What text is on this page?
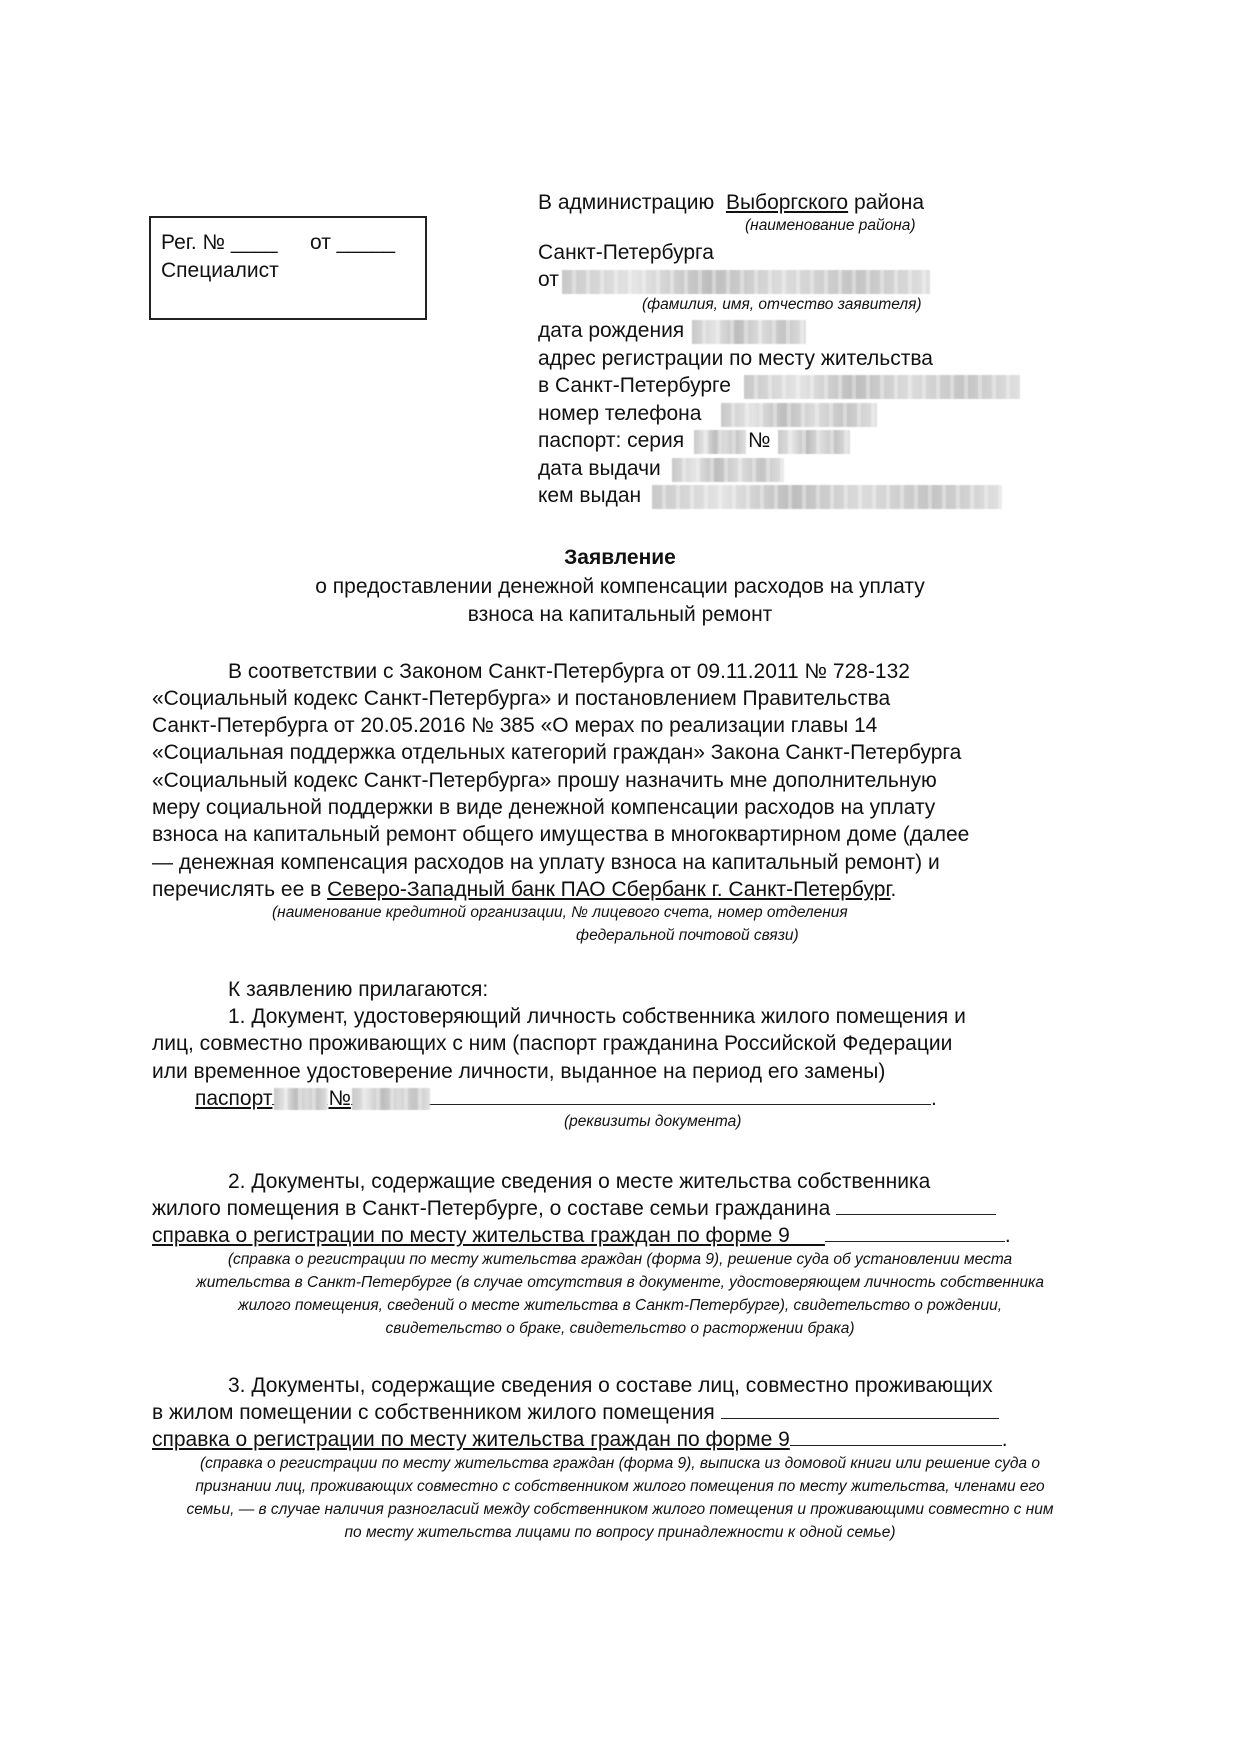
Рег. № ____ от _____
Специалист
В администрацию Выборгского района
(наименование района)
Санкт-Петербурга
от
(фамилия, имя, отчество заявителя)
дата рождения
адрес регистрации по месту жительства
в Санкт-Петербурге
номер телефона
паспорт: серия	№
дата выдачи
кем выдан
Заявление
о предоставлении денежной компенсации расходов на уплату
взноса на капитальный ремонт
В соответствии с Законом Санкт-Петербурга от 09.11.2011 № 728-132
«Социальный кодекс Санкт-Петербурга» и постановлением Правительства
Санкт-Петербурга от 20.05.2016 № 385 «О мерах по реализации главы 14
«Социальная поддержка отдельных категорий граждан» Закона Санкт-Петербурга
«Социальный кодекс Санкт-Петербурга» прошу назначить мне дополнительную
меру социальной поддержки в виде денежной компенсации расходов на уплату
взноса на капитальный ремонт общего имущества в многоквартирном доме (далее
— денежная компенсация расходов на уплату взноса на капитальный ремонт) и
перечислять ее в Северо-Западный банк ПАО Сбербанк г. Санкт-Петербург.
(наименование кредитной организации, № лицевого счета, номер отделения
федеральной почтовой связи)
К заявлению прилагаются:
1. Документ, удостоверяющий личность собственника жилого помещения и
лиц, совместно проживающих с ним (паспорт гражданина Российской Федерации
или временное удостоверение личности, выданное на период его замены)
паспорт	№	.
(реквизиты документа)
2. Документы, содержащие сведения о месте жительства собственника
жилого помещения в Санкт-Петербурге, о составе семьи гражданина
справка о регистрации по месту жительства граждан по форме 9___	.
(справка о регистрации по месту жительства граждан (форма 9), решение суда об установлении места
жительства в Санкт-Петербурге (в случае отсутствия в документе, удостоверяющем личность собственника
жилого помещения, сведений о месте жительства в Санкт-Петербурге), свидетельство о рождении,
свидетельство о браке, свидетельство о расторжении брака)
3. Документы, содержащие сведения о составе лиц, совместно проживающих
в жилом помещении с собственником жилого помещения
справка о регистрации по месту жительства граждан по форме 9	.
(справка о регистрации по месту жительства граждан (форма 9), выписка из домовой книги или решение суда о
признании лиц, проживающих совместно с собственником жилого помещения по месту жительства, членами его
семьи, — в случае наличия разногласий между собственником жилого помещения и проживающими совместно с ним
по месту жительства лицами по вопросу принадлежности к одной семье)
